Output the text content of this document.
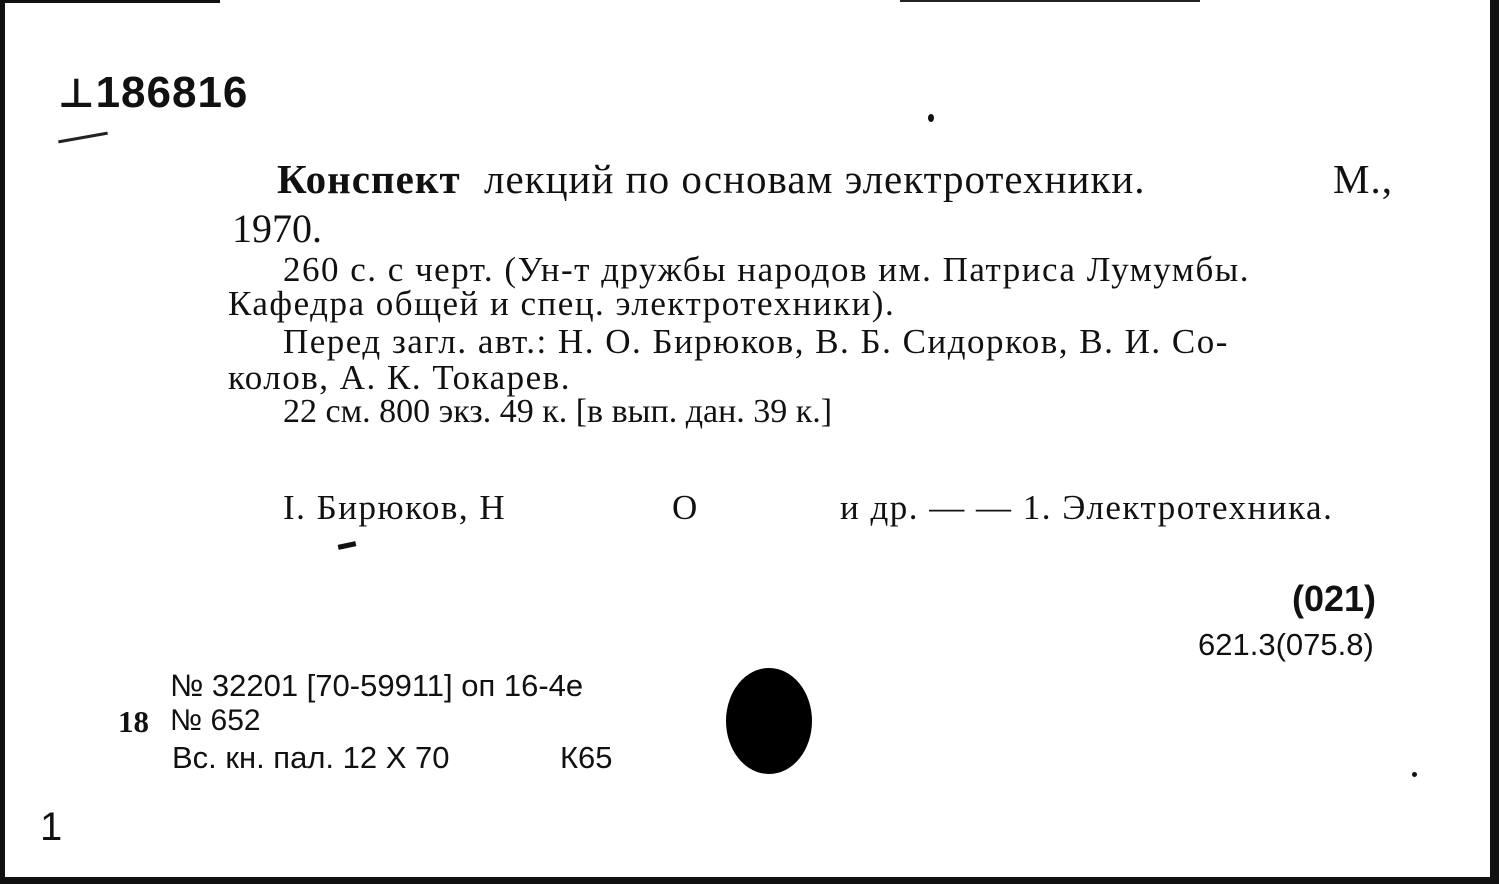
⊥186816
Конспект лекций по основам электротехники.	М.,
1970.
260 с. с черт. (Ун-т дружбы народов им. Патриса Лумумбы.
Кафедра общей и спец. электротехники).
Перед загл. авт.: Н. О. Бирюков, В. Б. Сидорков, В. И. Со-
колов, А. К. Токарев.
22 см. 800 экз. 49 к. [в вып. дан. 39 к.]
I. Бирюков, Н	О	и др. — — 1. Электротехника.
(021)
621.3(075.8)
№ 32201 [70-59911] оп 16-4е
18 № 652
Вс. кн. пал. 12 X 70	К65
1
